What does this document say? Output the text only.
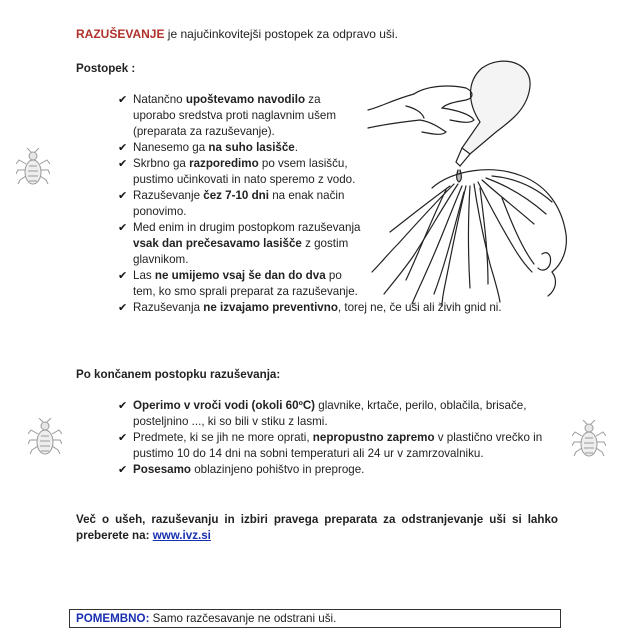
RAZUŠEVANJE je najučinkovitejši postopek za odpravo uši.
Postopek :
✔ Natančno upoštevamo navodilo za uporabo sredstva proti naglavnim ušem (preparata za razuševanje).
✔ Nanesemo ga na suho lasišče.
✔ Skrbno ga razporedimo po vsem lasišču, pustimo učinkovati in nato speremo z vodo.
✔ Razuševanje čez 7-10 dni na enak način ponovimo.
✔ Med enim in drugim postopkom razuševanja vsak dan prečesavamo lasišče z gostim glavnikom.
✔ Las ne umijemo vsaj še dan do dva po tem, ko smo sprali preparat za razuševanje.
✔ Razuševanja ne izvajamo preventivno, torej ne, če uši ali živih gnid ni.
Po končanem postopku razuševanja:
✔ Operimo v vroči vodi (okoli 60ºC) glavnike, krtače, perilo, oblačila, brisače, posteljnino ..., ki so bili v stiku z lasmi.
✔ Predmete, ki se jih ne more oprati, nepropustno zapremo v plastično vrečko in pustimo 10 do 14 dni na sobni temperaturi ali 24 ur v zamrzovalniku.
✔ Posesamo oblazinjeno pohištvo in preproge.
Več o ušeh, razuševanju in izbiri pravega preparata za odstranjevanje uši si lahko preberete na: www.ivz.si
POMEMBNO: Samo razčesavanje ne odstrani uši.
